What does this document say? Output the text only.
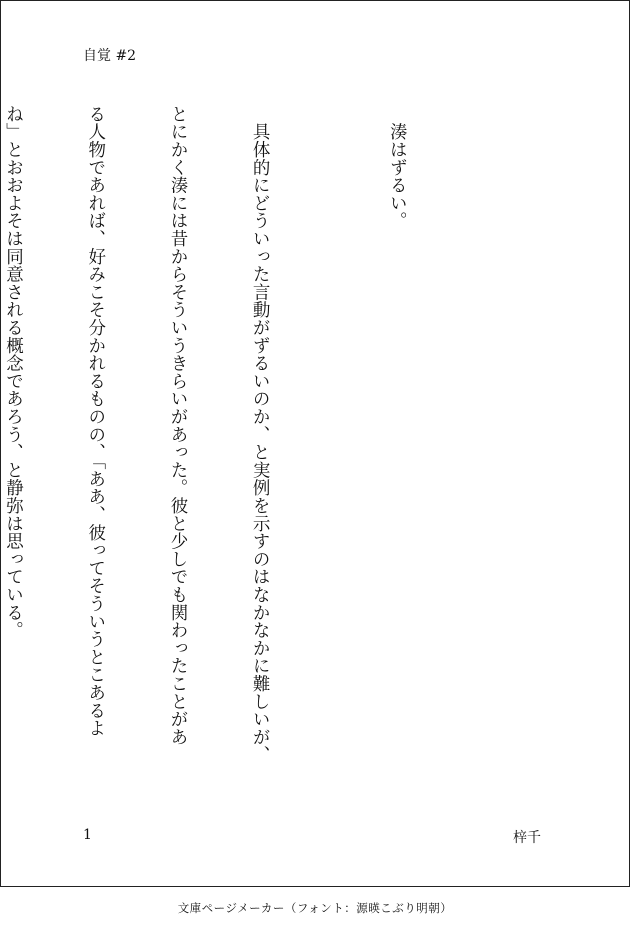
自覚 #2

　湊はずるい。

　具体的にどういった言動がずるいのか、と実例を示すのはなかなかに難しいが、

とにかく湊には昔からそういうきらいがあった。彼と少しでも関わったことがあ

る人物であれば、好みこそ分かれるものの、「ああ、彼ってそういうとこあるよ

ね」とおおよそは同意される概念であろう、と静弥は思っている。

1	梓千
文庫ページメーカー（フォント：源暎こぶり明朝）
